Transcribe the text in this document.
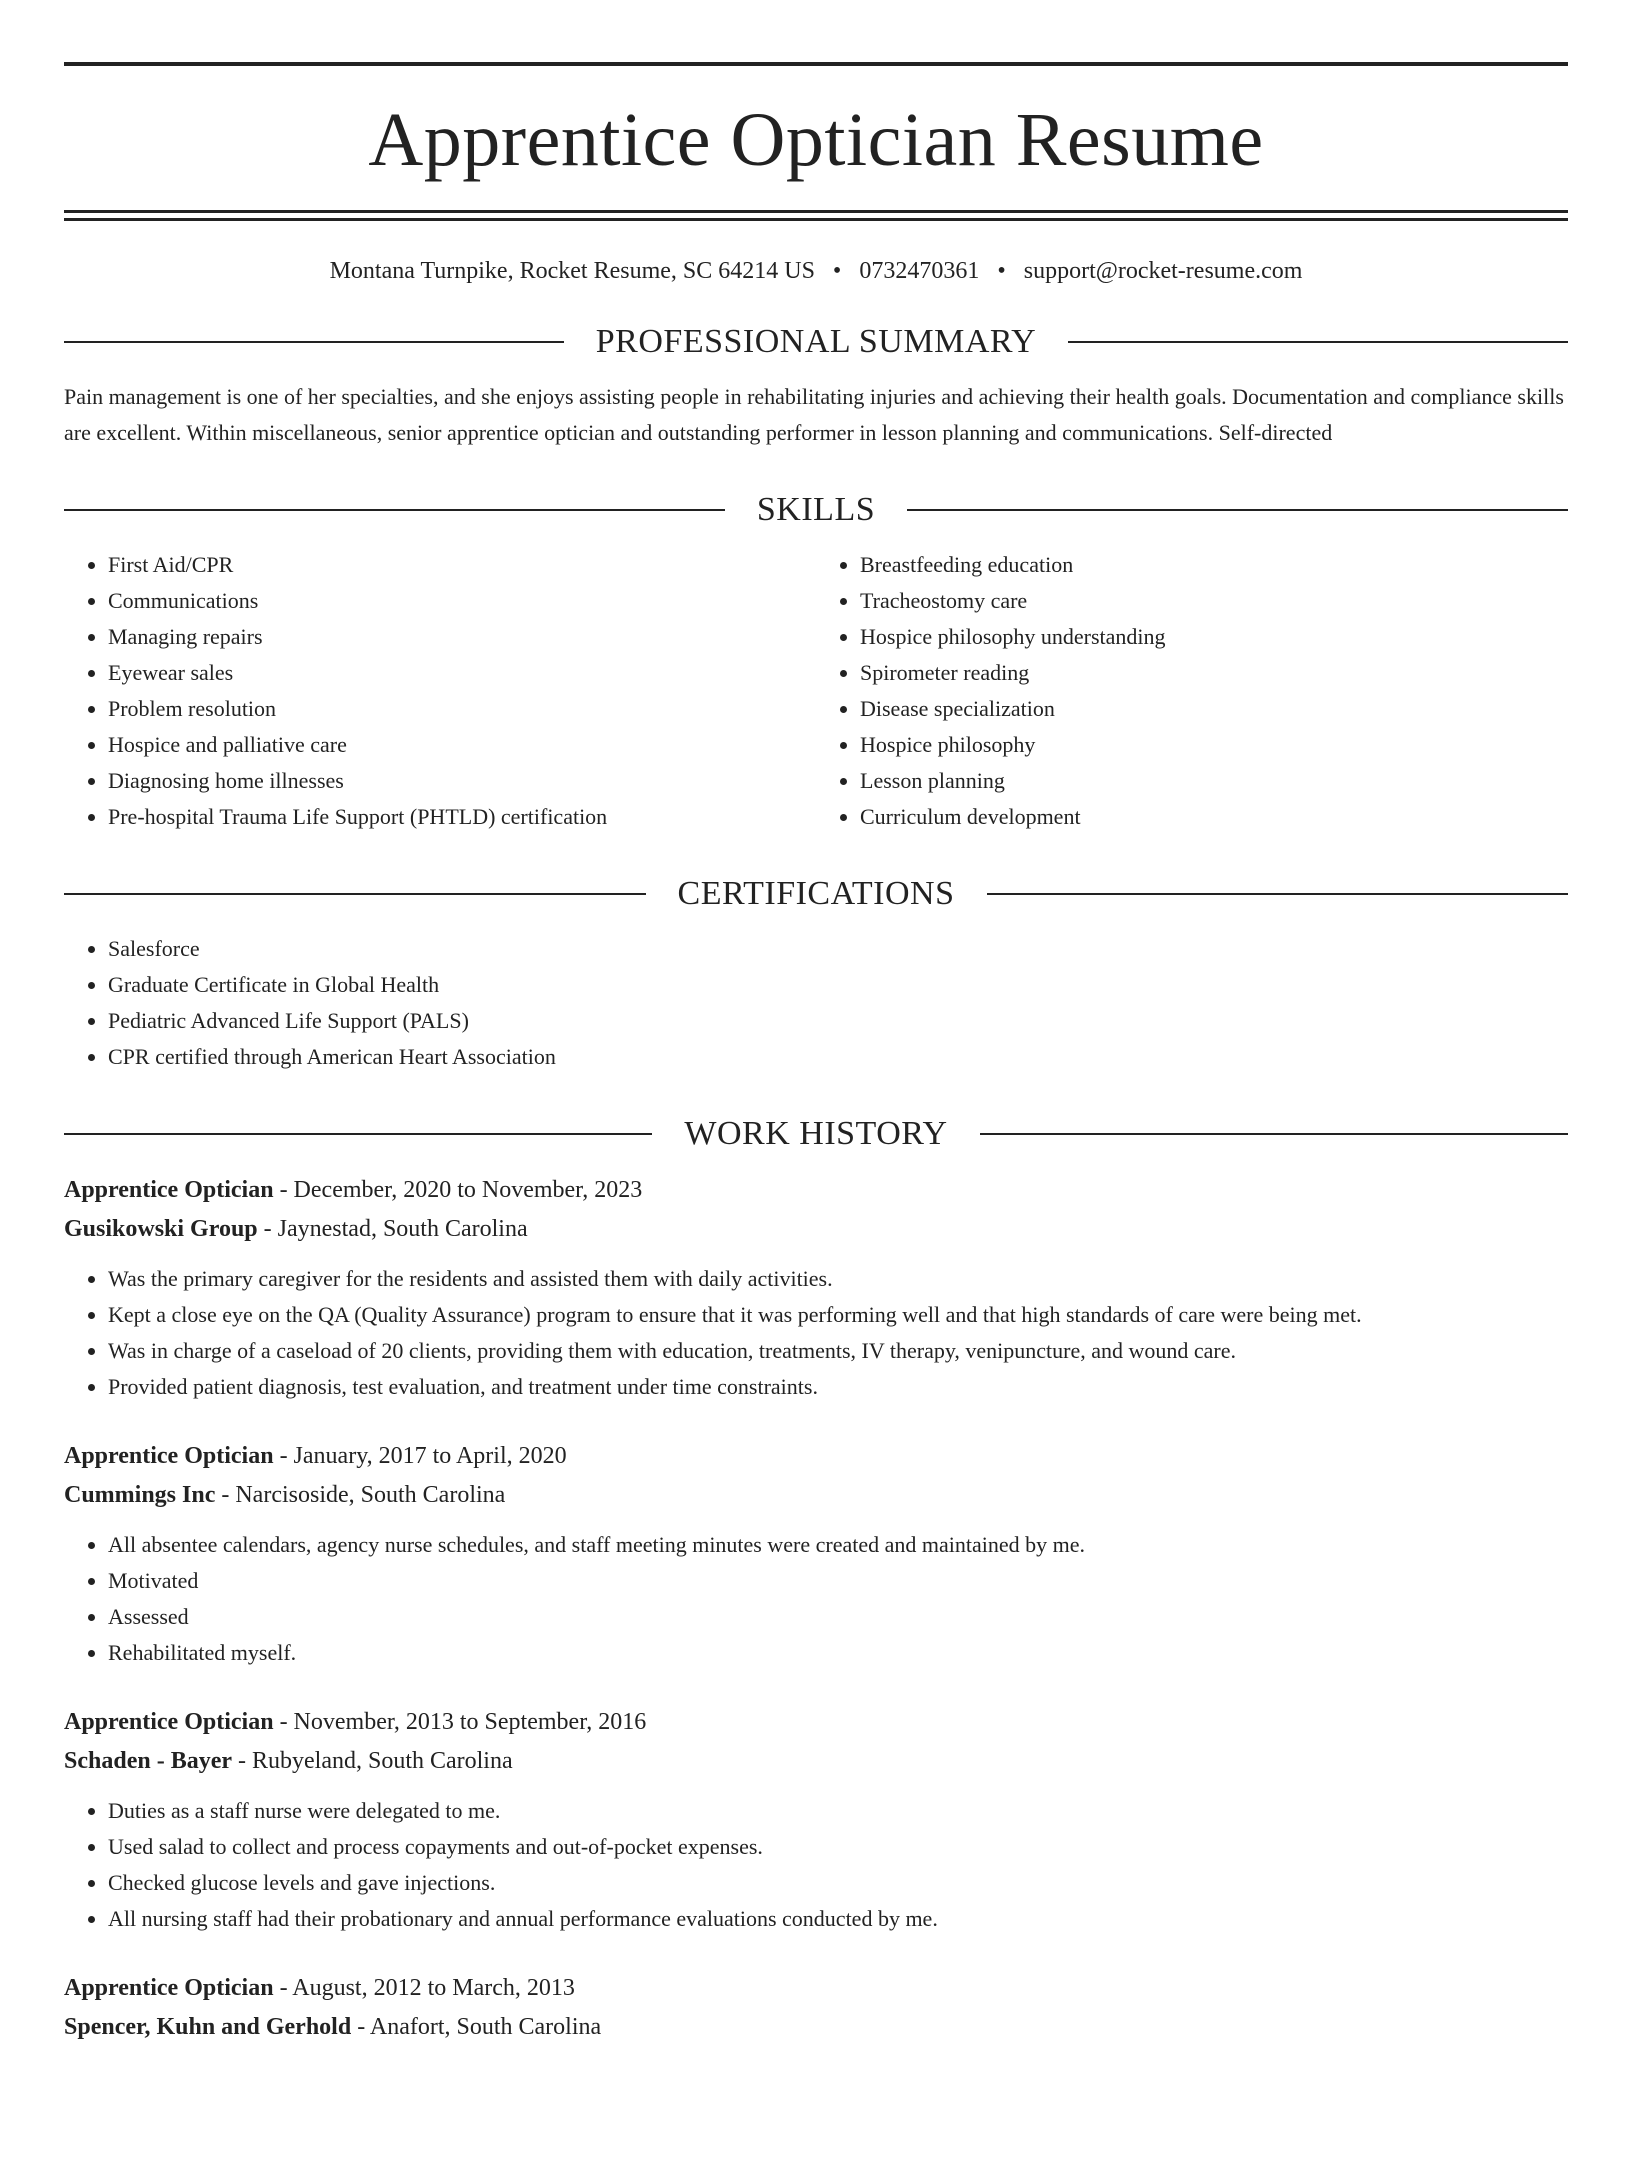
Apprentice Optician Resume
Montana Turnpike, Rocket Resume, SC 64214 US • 0732470361 • support@rocket-resume.com
PROFESSIONAL SUMMARY
Pain management is one of her specialties, and she enjoys assisting people in rehabilitating injuries and achieving their health goals. Documentation and compliance skills are excellent. Within miscellaneous, senior apprentice optician and outstanding performer in lesson planning and communications. Self-directed
SKILLS
• First Aid/CPR
• Communications
• Managing repairs
• Eyewear sales
• Problem resolution
• Hospice and palliative care
• Diagnosing home illnesses
• Pre-hospital Trauma Life Support (PHTLD) certification
• Breastfeeding education
• Tracheostomy care
• Hospice philosophy understanding
• Spirometer reading
• Disease specialization
• Hospice philosophy
• Lesson planning
• Curriculum development
CERTIFICATIONS
• Salesforce
• Graduate Certificate in Global Health
• Pediatric Advanced Life Support (PALS)
• CPR certified through American Heart Association
WORK HISTORY
Apprentice Optician - December, 2020 to November, 2023
Gusikowski Group - Jaynestad, South Carolina
• Was the primary caregiver for the residents and assisted them with daily activities.
• Kept a close eye on the QA (Quality Assurance) program to ensure that it was performing well and that high standards of care were being met.
• Was in charge of a caseload of 20 clients, providing them with education, treatments, IV therapy, venipuncture, and wound care.
• Provided patient diagnosis, test evaluation, and treatment under time constraints.
Apprentice Optician - January, 2017 to April, 2020
Cummings Inc - Narcisoside, South Carolina
• All absentee calendars, agency nurse schedules, and staff meeting minutes were created and maintained by me.
• Motivated
• Assessed
• Rehabilitated myself.
Apprentice Optician - November, 2013 to September, 2016
Schaden - Bayer - Rubyeland, South Carolina
• Duties as a staff nurse were delegated to me.
• Used salad to collect and process copayments and out-of-pocket expenses.
• Checked glucose levels and gave injections.
• All nursing staff had their probationary and annual performance evaluations conducted by me.
Apprentice Optician - August, 2012 to March, 2013
Spencer, Kuhn and Gerhold - Anafort, South Carolina
